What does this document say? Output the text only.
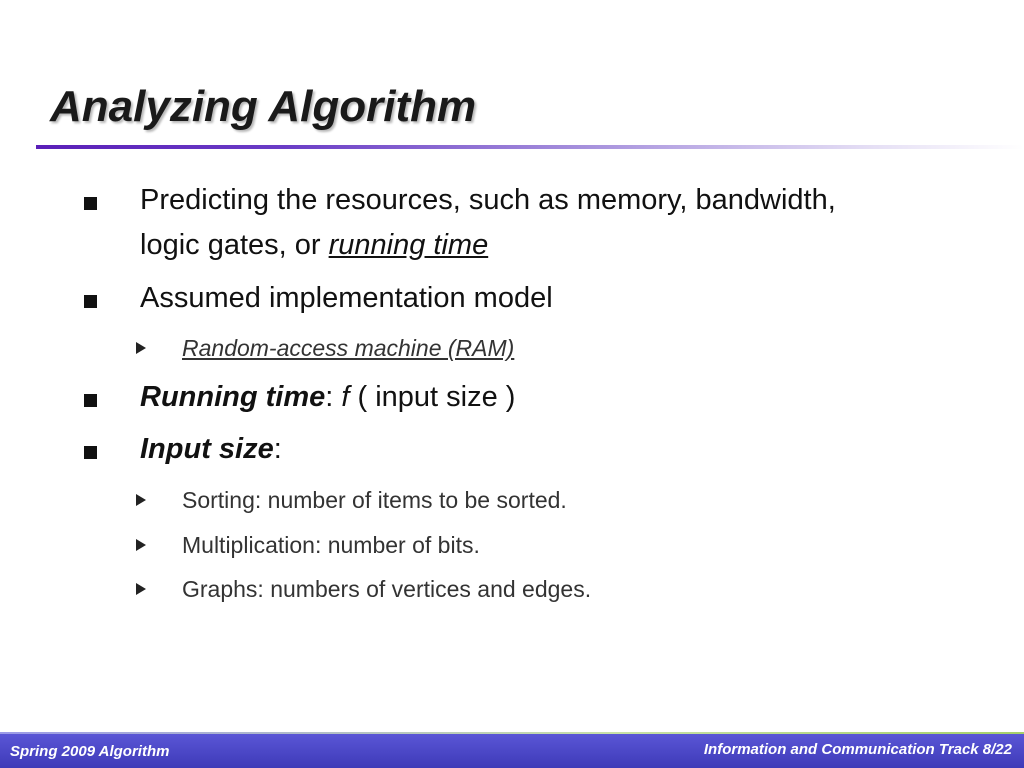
Analyzing Algorithm
Predicting the resources, such as memory, bandwidth,
logic gates, or running time
Assumed implementation model
Random-access machine (RAM)
Running time: f ( input size )
Input size:
Sorting: number of items to be sorted.
Multiplication: number of bits.
Graphs: numbers of vertices and edges.
Spring 2009 Algorithm	Information and Communication Track 8/22
